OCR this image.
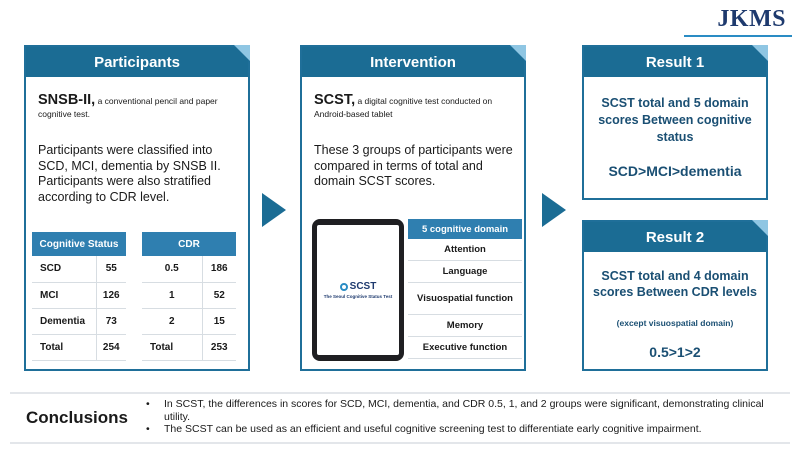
JKMS
Participants
SNSB-II, a conventional pencil and paper cognitive test.
Participants were classified into SCD, MCI, dementia by SNSB II. Participants were also stratified according to CDR level.
Cognitive Status	
SCD	55
MCI	126
Dementia	73
Total	254
CDR	
0.5	186
1	52
2	15
Total	253
Intervention
SCST, a digital cognitive test conducted on Android-based tablet
These 3 groups of participants were compared in terms of total and domain SCST scores.
SCST
The Seoul Cognitive Status Test
5 cognitive domain
Attention
Language
Visuospatial function
Memory
Executive function
Result 1
SCST total and 5 domain scores Between cognitive status
SCD>MCI>dementia
Result 2
SCST total and 4 domain scores Between CDR levels
(except visuospatial domain)
0.5>1>2
Conclusions
• In SCST, the differences in scores for SCD, MCI, dementia, and CDR 0.5, 1, and 2 groups were significant, demonstrating clinical utility.
• The SCST can be used as an efficient and useful cognitive screening test to differentiate early cognitive impairment.
